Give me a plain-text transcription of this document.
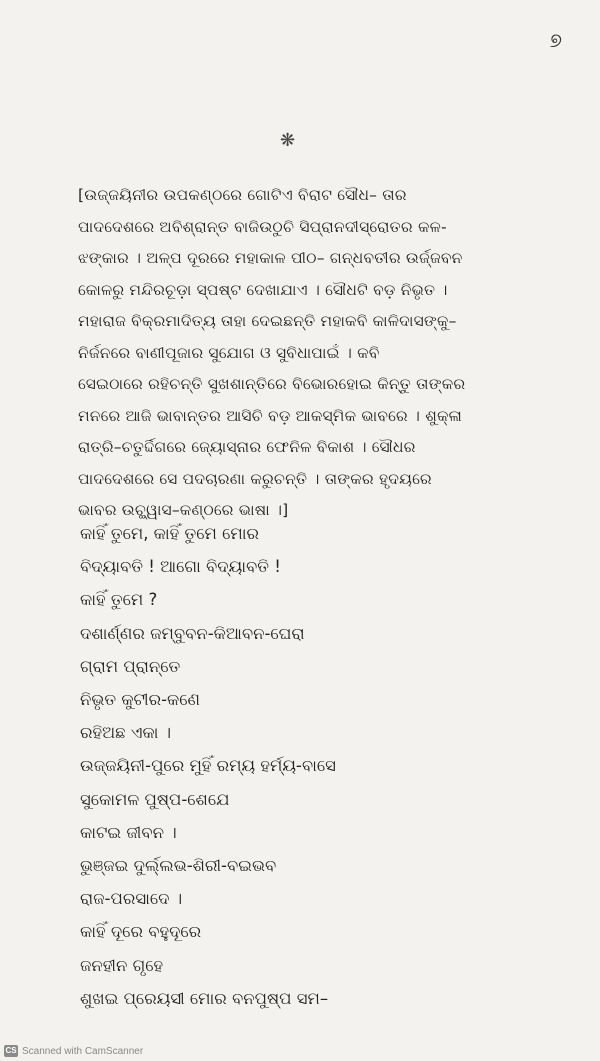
୭
❋
[ଉଜ୍ଜୟିନୀର ଉପକଣ୍ଠରେ ଗୋଟିଏ ବିରାଟ ସୌଧ– ତାର
ପାଦଦେଶରେ ଅବିଶ୍ରାନ୍ତ ବାଜିଉଠୁଚି ସିପ୍ରାନଦୀସ୍ରୋତର କଳ-
ଝଙ୍କାର । ଅଳ୍ପ ଦୂରରେ ମହାକାଳ ପୀଠ– ଗନ୍ଧବତୀର ଉର୍ଜ୍ଜବନ
କୋଳରୁ ମନ୍ଦିରଚୂଡ଼ା ସ୍ପଷ୍ଟ ଦେଖାଯାଏ । ସୌଧଟି ବଡ଼ ନିଭୃତ ।
ମହାରାଜ ବିକ୍ରମାଦିତ୍ୟ ତାହା ଦେଇଛନ୍ତି ମହାକବି କାଳିଦାସଙ୍କୁ–
ନିର୍ଜନରେ ବାଣୀପୂଜାର ସୁଯୋଗ ଓ ସୁବିଧାପାଇଁ । କବି
ସେଇଠାରେ ରହିଚନ୍ତି ସୁଖଶାନ୍ତିରେ ବିଭୋରହୋଇ କିନ୍ତୁ ତାଙ୍କର
ମନରେ ଆଜି ଭାବାନ୍ତର ଆସିଚି ବଡ଼ ଆକସ୍ମିକ ଭାବରେ । ଶୁକ୍ଳା
ରାତ୍ରି–ଚତୁର୍ଦ୍ଦିଗରେ ଜ୍ୟୋସ୍ନାର ଫେନିଳ ବିକାଶ । ସୌଧର
ପାଦଦେଶରେ ସେ ପଦଚାରଣା କରୁଚନ୍ତି । ତାଙ୍କର ହୃଦୟରେ
ଭାବର ଉଚ୍ଛ୍ୱାସ–କଣ୍ଠରେ ଭାଷା ।]
କାହିଁ ତୁମେ, କାହିଁ ତୁମେ ମୋର
ବିଦ୍ୟାବତି ! ଆଗୋ ବିଦ୍ୟାବତି !
କାହିଁ ତୁମେ ?
ଦଶାର୍ଣ୍ଣର ଜମ୍ବୁବନ-କିଆବନ-ଘେରା
ଗ୍ରାମ ପ୍ରାନ୍ତେ
ନିଭୃତ କୁଟୀର-କଣେ
ରହିଅଛ ଏକା ।
ଉଜ୍ଜୟିନୀ-ପୁରେ ମୁହିଁ ରମ୍ୟ ହର୍ମ୍ୟ-ବାସେ
ସୁକୋମଳ ପୁଷ୍ପ-ଶେଯେ
କାଟଇ ଜୀବନ ।
ଭୁଞ୍ଜଇ ଦୁର୍ଲ୍ଲଭ-ଶିରୀ-ବଇଭବ
ରାଜ-ପରସାଦେ ।
କାହିଁ ଦୂରେ ବହୁଦୂରେ
ଜନହୀନ ଗୃହେ
ଶୁଖଇ ପ୍ରେୟସୀ ମୋର ବନପୁଷ୍ପ ସମ–
CS Scanned with CamScanner
